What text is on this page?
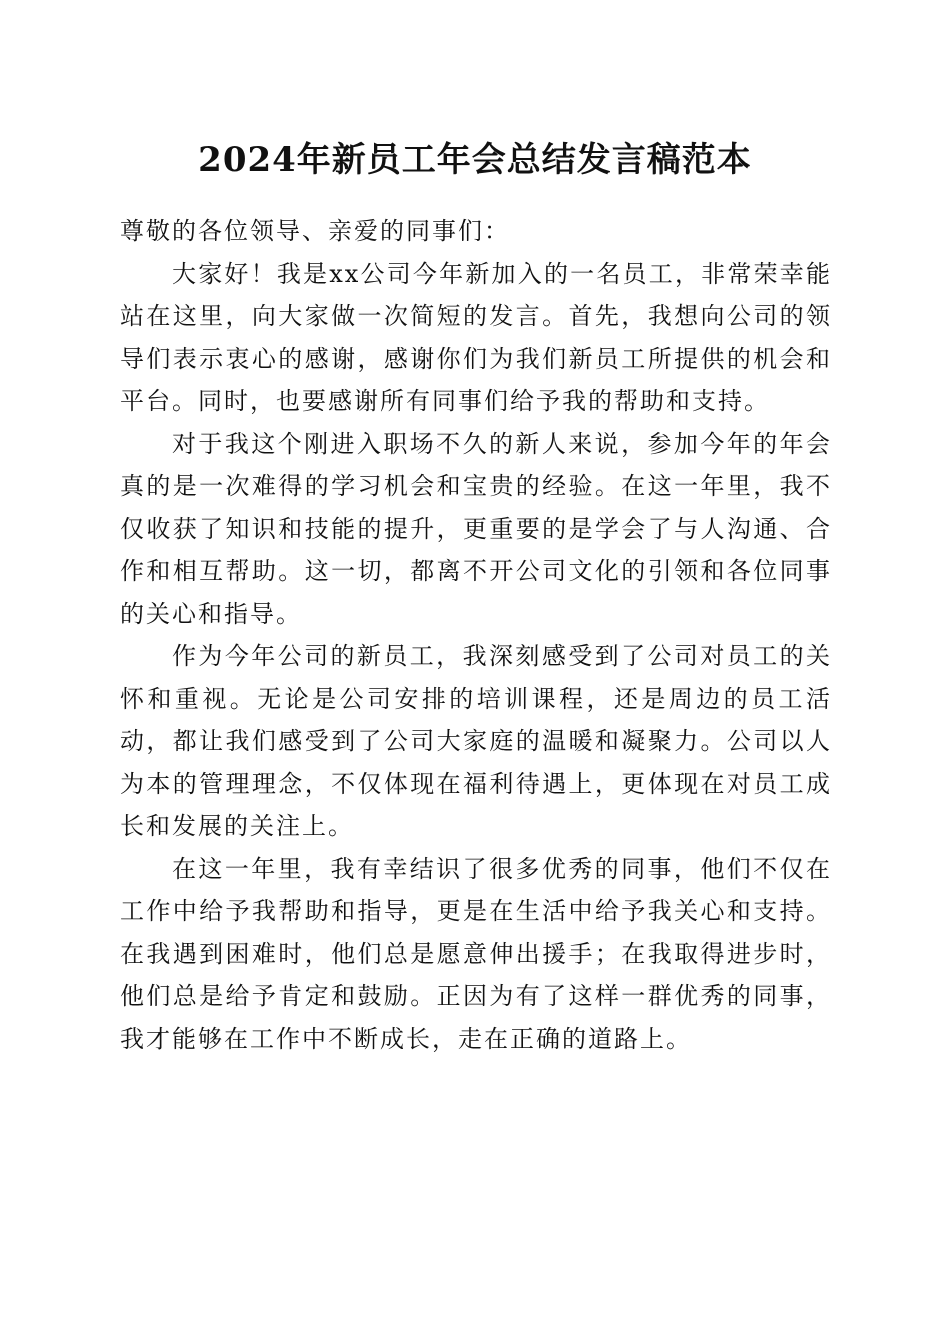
2024年新员工年会总结发言稿范本

尊敬的各位领导、亲爱的同事们：

大家好！我是xx公司今年新加入的一名员工，非常荣幸能站在这里，向大家做一次简短的发言。首先，我想向公司的领导们表示衷心的感谢，感谢你们为我们新员工所提供的机会和平台。同时，也要感谢所有同事们给予我的帮助和支持。

对于我这个刚进入职场不久的新人来说，参加今年的年会真的是一次难得的学习机会和宝贵的经验。在这一年里，我不仅收获了知识和技能的提升，更重要的是学会了与人沟通、合作和相互帮助。这一切，都离不开公司文化的引领和各位同事的关心和指导。

作为今年公司的新员工，我深刻感受到了公司对员工的关怀和重视。无论是公司安排的培训课程，还是周边的员工活动，都让我们感受到了公司大家庭的温暖和凝聚力。公司以人为本的管理理念，不仅体现在福利待遇上，更体现在对员工成长和发展的关注上。

在这一年里，我有幸结识了很多优秀的同事，他们不仅在工作中给予我帮助和指导，更是在生活中给予我关心和支持。在我遇到困难时，他们总是愿意伸出援手；在我取得进步时，他们总是给予肯定和鼓励。正因为有了这样一群优秀的同事，我才能够在工作中不断成长，走在正确的道路上。
